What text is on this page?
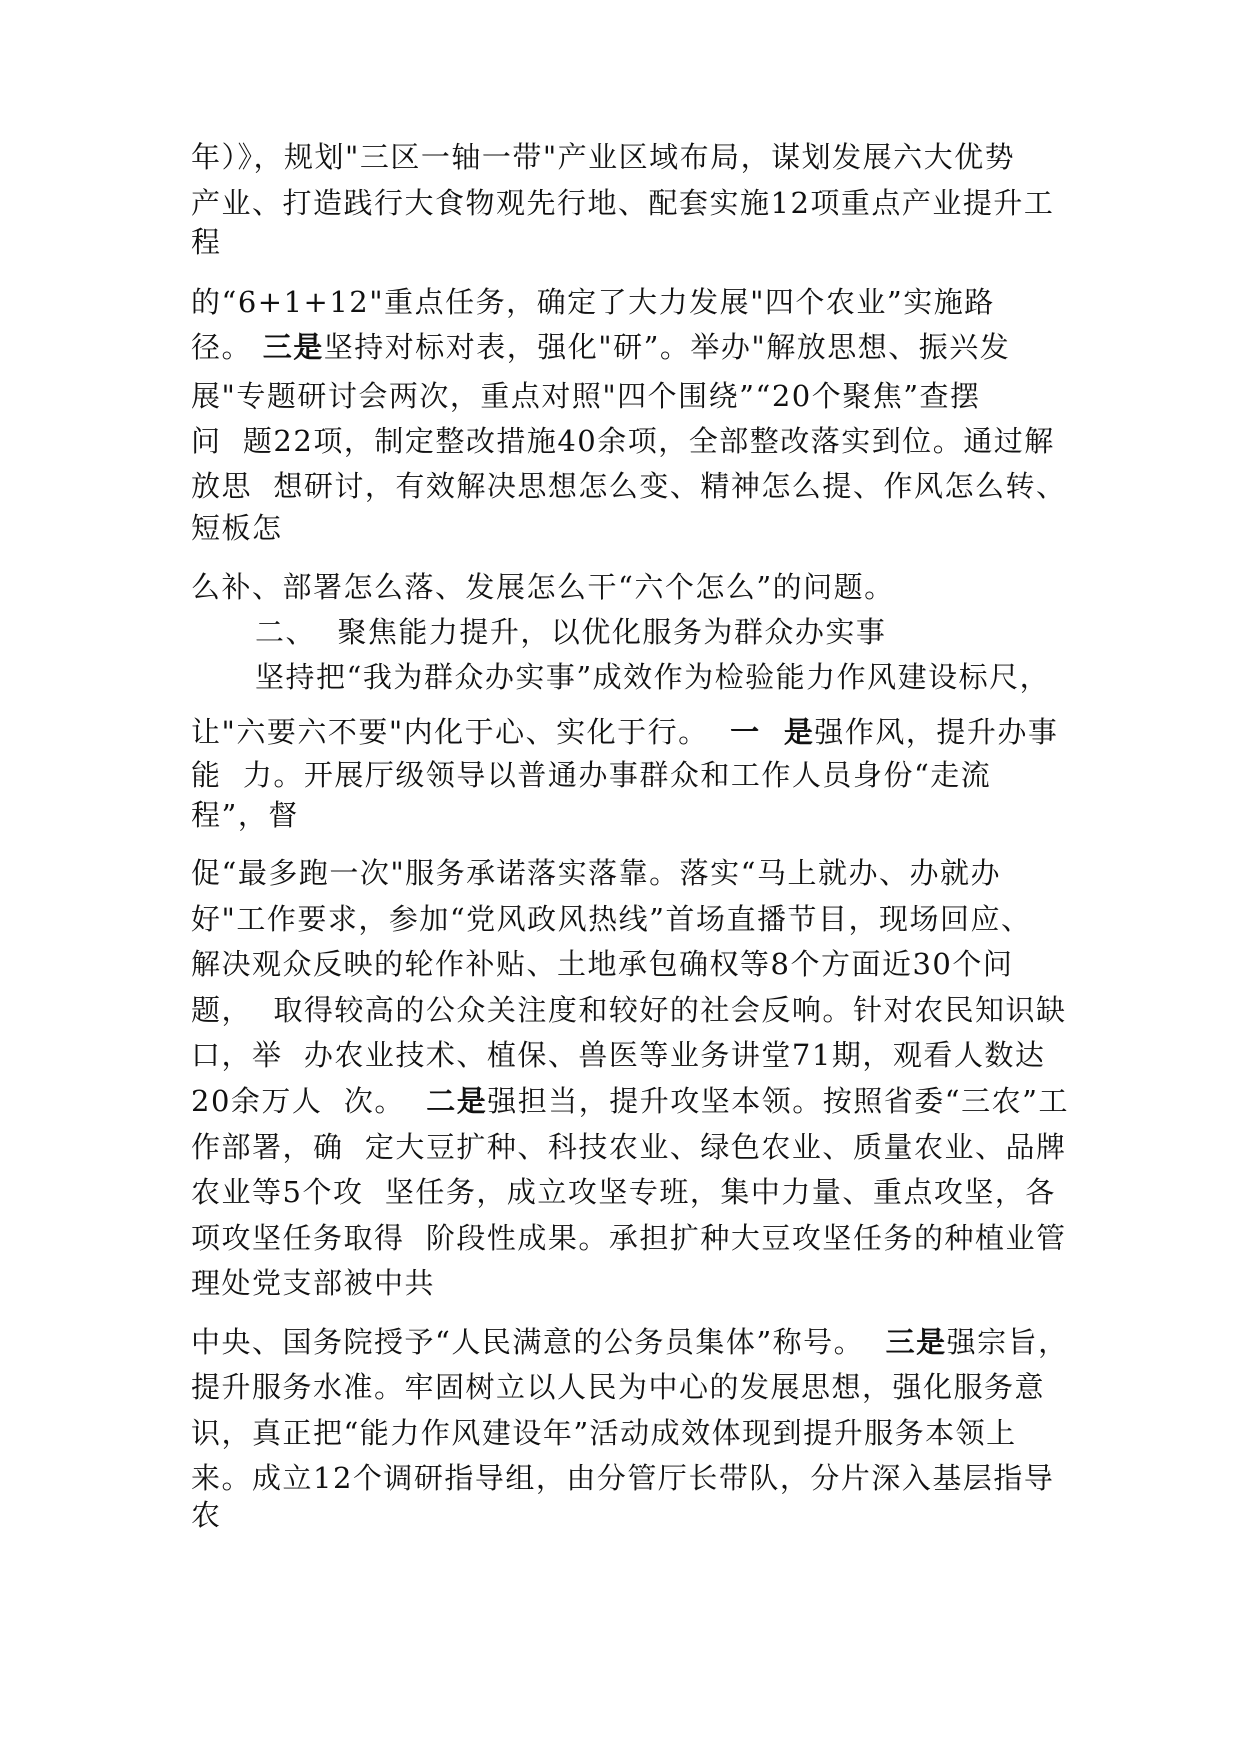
年）》，规划"三区一轴一带"产业区域布局，谋划发展六大优势
产业、打造践行大食物观先行地、配套实施12项重点产业提升工
程
的“6+1+12"重点任务，确定了大力发展"四个农业”实施路
径。 三是坚持对标对表，强化"研”。举办"解放思想、振兴发
展"专题研讨会两次，重点对照"四个围绕”“20个聚焦”查摆
问  题22项，制定整改措施40余项，全部整改落实到位。通过解
放思  想研讨，有效解决思想怎么变、精神怎么提、作风怎么转、
短板怎
么补、部署怎么落、发展怎么干“六个怎么”的问题。
二、  聚焦能力提升，以优化服务为群众办实事
坚持把“我为群众办实事”成效作为检验能力作风建设标尺，
让"六要六不要"内化于心、实化于行。  一  是强作风，提升办事
能  力。开展厅级领导以普通办事群众和工作人员身份“走流
程”，督
促“最多跑一次"服务承诺落实落靠。落实“马上就办、办就办
好"工作要求，参加“党风政风热线”首场直播节目，现场回应、
解决观众反映的轮作补贴、土地承包确权等8个方面近30个问
题，  取得较高的公众关注度和较好的社会反响。针对农民知识缺
口，举  办农业技术、植保、兽医等业务讲堂71期，观看人数达
20余万人  次。  二是强担当，提升攻坚本领。按照省委“三农”工
作部署，确  定大豆扩种、科技农业、绿色农业、质量农业、品牌
农业等5个攻  坚任务，成立攻坚专班，集中力量、重点攻坚，各
项攻坚任务取得  阶段性成果。承担扩种大豆攻坚任务的种植业管
理处党支部被中共
中央、国务院授予“人民满意的公务员集体”称号。  三是强宗旨，
提升服务水准。牢固树立以人民为中心的发展思想，强化服务意
识，真正把“能力作风建设年”活动成效体现到提升服务本领上
来。成立12个调研指导组，由分管厅长带队，分片深入基层指导
农
